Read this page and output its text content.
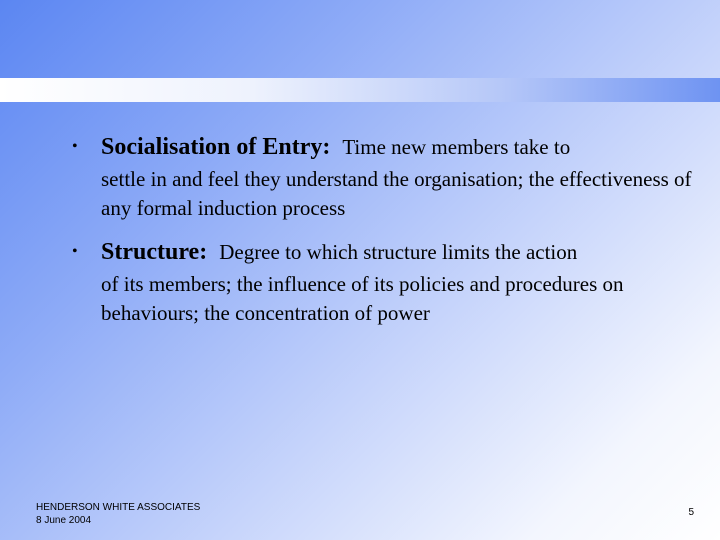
• Socialisation of Entry: Time new members take to
settle in and feel they understand the organisation; the effectiveness of any formal induction process
• Structure: Degree to which structure limits the action
of its members; the influence of its policies and procedures on behaviours; the concentration of power
HENDERSON WHITE ASSOCIATES
8 June 2004
5
